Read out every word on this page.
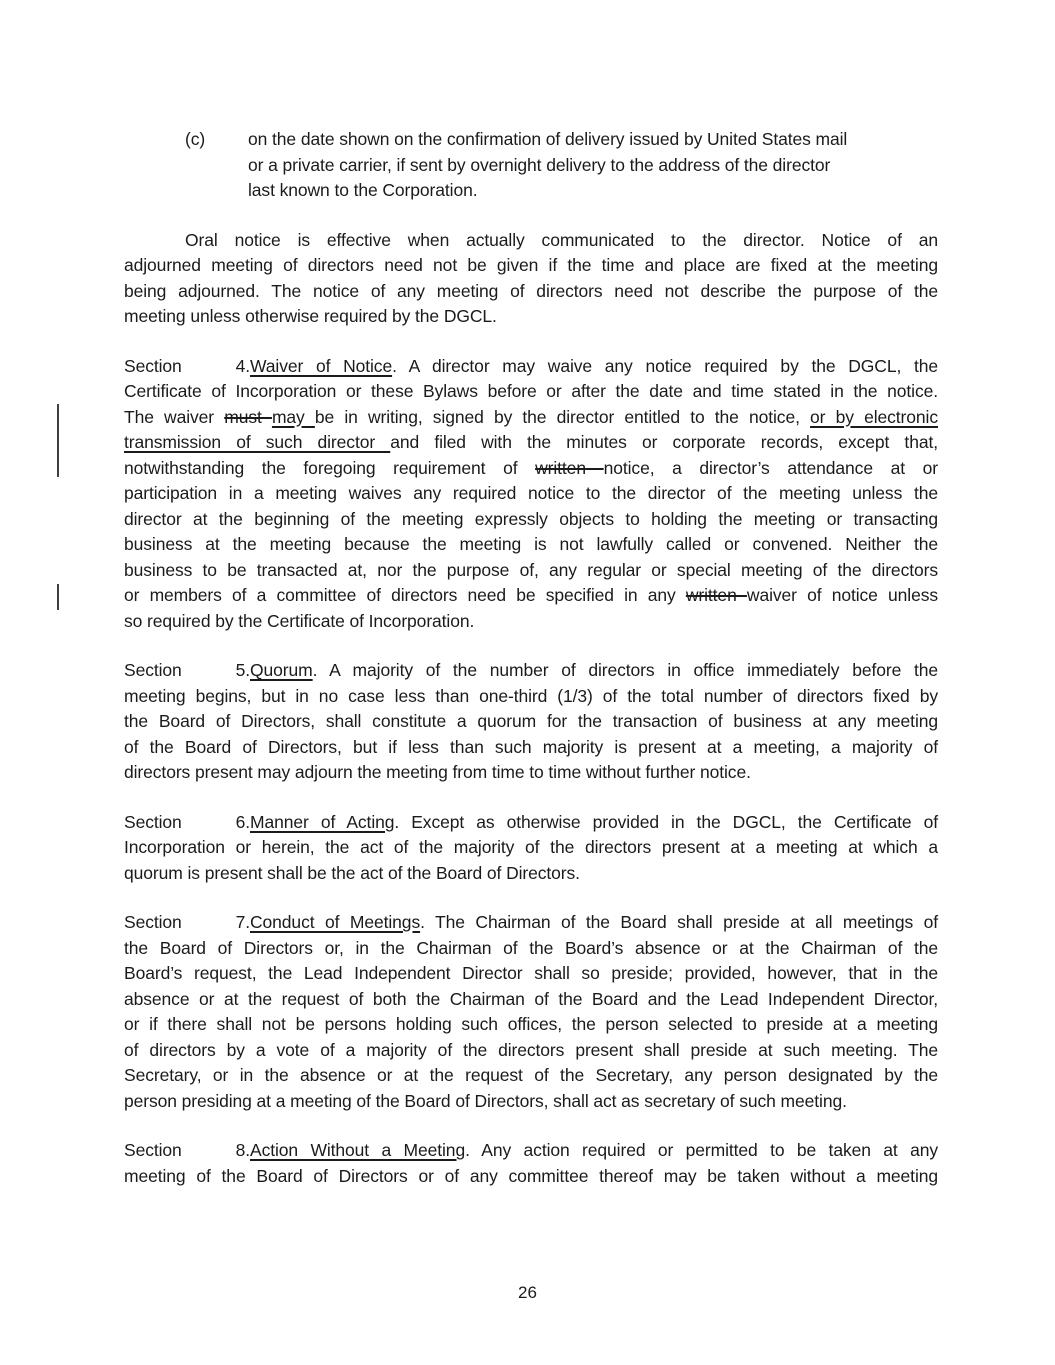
(c) on the date shown on the confirmation of delivery issued by United States mail
or a private carrier, if sent by overnight delivery to the address of the director
last known to the Corporation.
Oral notice is effective when actually communicated to the director. Notice of an
adjourned meeting of directors need not be given if the time and place are fixed at the meeting
being adjourned. The notice of any meeting of directors need not describe the purpose of the
meeting unless otherwise required by the DGCL.
Section 4.Waiver of Notice. A director may waive any notice required by the DGCL, the
Certificate of Incorporation or these Bylaws before or after the date and time stated in the notice.
The waiver must may be in writing, signed by the director entitled to the notice, or by electronic
transmission of such director and filed with the minutes or corporate records, except that,
notwithstanding the foregoing requirement of written notice, a director’s attendance at or
participation in a meeting waives any required notice to the director of the meeting unless the
director at the beginning of the meeting expressly objects to holding the meeting or transacting
business at the meeting because the meeting is not lawfully called or convened. Neither the
business to be transacted at, nor the purpose of, any regular or special meeting of the directors
or members of a committee of directors need be specified in any written waiver of notice unless
so required by the Certificate of Incorporation.
Section 5.Quorum. A majority of the number of directors in office immediately before the
meeting begins, but in no case less than one-third (1/3) of the total number of directors fixed by
the Board of Directors, shall constitute a quorum for the transaction of business at any meeting
of the Board of Directors, but if less than such majority is present at a meeting, a majority of
directors present may adjourn the meeting from time to time without further notice.
Section 6.Manner of Acting. Except as otherwise provided in the DGCL, the Certificate of
Incorporation or herein, the act of the majority of the directors present at a meeting at which a
quorum is present shall be the act of the Board of Directors.
Section 7.Conduct of Meetings. The Chairman of the Board shall preside at all meetings of
the Board of Directors or, in the Chairman of the Board’s absence or at the Chairman of the
Board’s request, the Lead Independent Director shall so preside; provided, however, that in the
absence or at the request of both the Chairman of the Board and the Lead Independent Director,
or if there shall not be persons holding such offices, the person selected to preside at a meeting
of directors by a vote of a majority of the directors present shall preside at such meeting. The
Secretary, or in the absence or at the request of the Secretary, any person designated by the
person presiding at a meeting of the Board of Directors, shall act as secretary of such meeting.
Section 8.Action Without a Meeting. Any action required or permitted to be taken at any
meeting of the Board of Directors or of any committee thereof may be taken without a meeting
26
